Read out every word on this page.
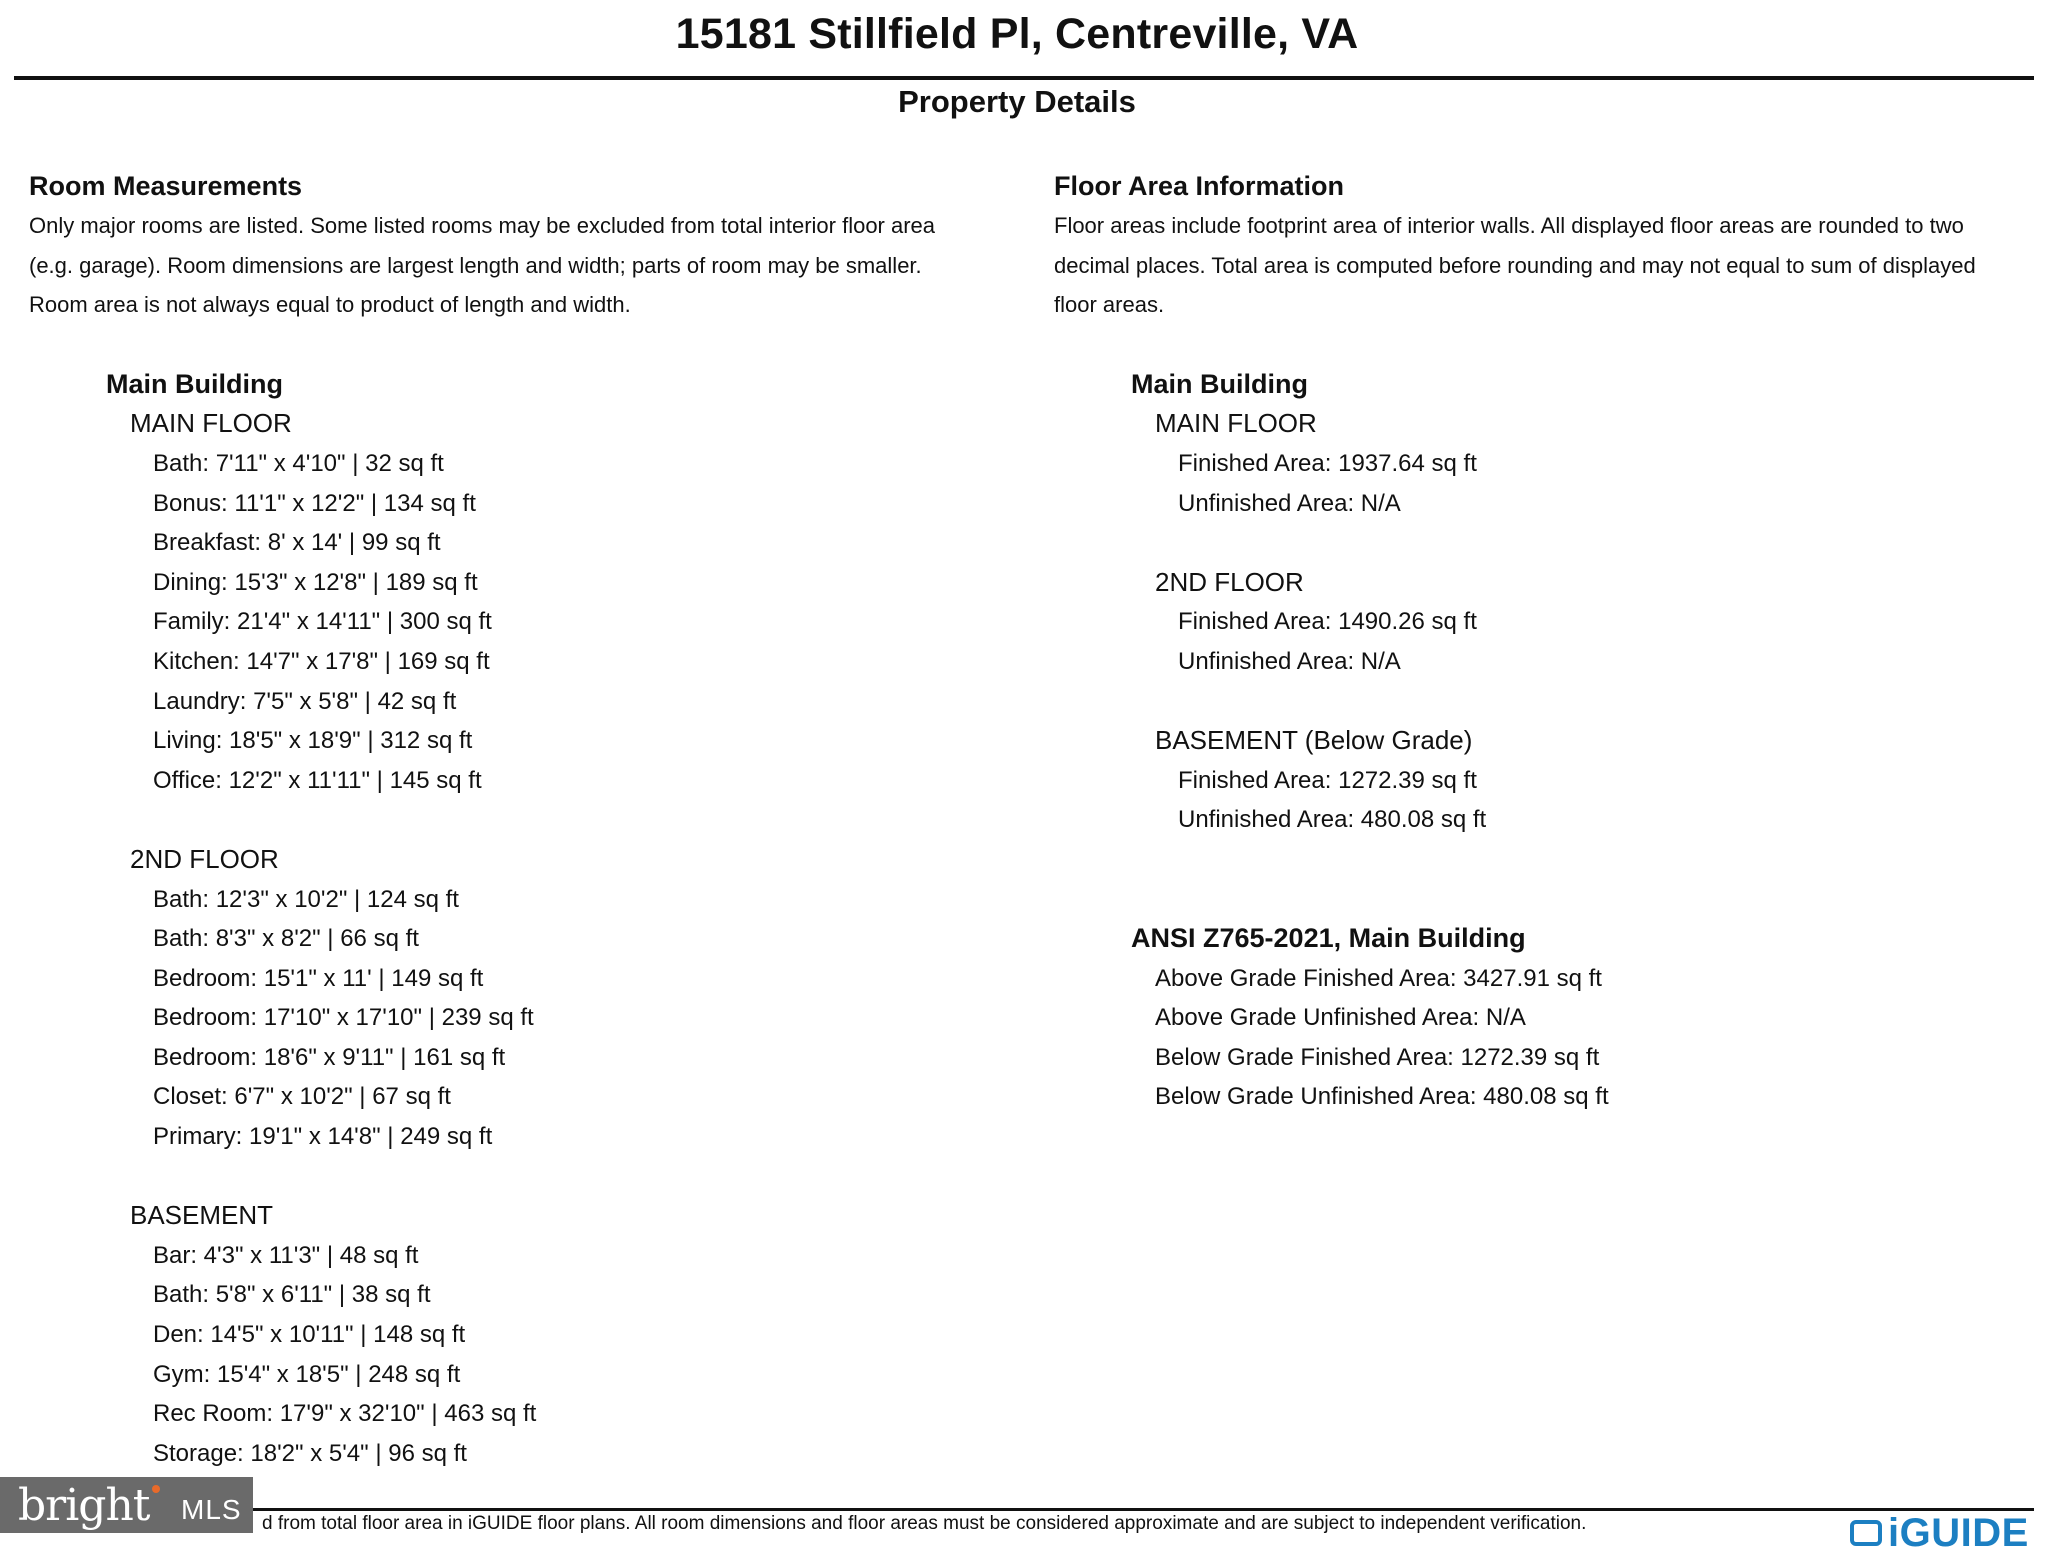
15181 Stillfield Pl, Centreville, VA
Property Details
Room Measurements
Only major rooms are listed. Some listed rooms may be excluded from total interior floor area
(e.g. garage). Room dimensions are largest length and width; parts of room may be smaller.
Room area is not always equal to product of length and width.
Main Building
MAIN FLOOR
Bath: 7'11" x 4'10" | 32 sq ft
Bonus: 11'1" x 12'2" | 134 sq ft
Breakfast: 8' x 14' | 99 sq ft
Dining: 15'3" x 12'8" | 189 sq ft
Family: 21'4" x 14'11" | 300 sq ft
Kitchen: 14'7" x 17'8" | 169 sq ft
Laundry: 7'5" x 5'8" | 42 sq ft
Living: 18'5" x 18'9" | 312 sq ft
Office: 12'2" x 11'11" | 145 sq ft
2ND FLOOR
Bath: 12'3" x 10'2" | 124 sq ft
Bath: 8'3" x 8'2" | 66 sq ft
Bedroom: 15'1" x 11' | 149 sq ft
Bedroom: 17'10" x 17'10" | 239 sq ft
Bedroom: 18'6" x 9'11" | 161 sq ft
Closet: 6'7" x 10'2" | 67 sq ft
Primary: 19'1" x 14'8" | 249 sq ft
BASEMENT
Bar: 4'3" x 11'3" | 48 sq ft
Bath: 5'8" x 6'11" | 38 sq ft
Den: 14'5" x 10'11" | 148 sq ft
Gym: 15'4" x 18'5" | 248 sq ft
Rec Room: 17'9" x 32'10" | 463 sq ft
Storage: 18'2" x 5'4" | 96 sq ft
Floor Area Information
Floor areas include footprint area of interior walls. All displayed floor areas are rounded to two
decimal places. Total area is computed before rounding and may not equal to sum of displayed
floor areas.
Main Building
MAIN FLOOR
Finished Area: 1937.64 sq ft
Unfinished Area: N/A
2ND FLOOR
Finished Area: 1490.26 sq ft
Unfinished Area: N/A
BASEMENT (Below Grade)
Finished Area: 1272.39 sq ft
Unfinished Area: 480.08 sq ft
ANSI Z765-2021, Main Building
Above Grade Finished Area: 3427.91 sq ft
Above Grade Unfinished Area: N/A
Below Grade Finished Area: 1272.39 sq ft
Below Grade Unfinished Area: 480.08 sq ft
d from total floor area in iGUIDE floor plans. All room dimensions and floor areas must be considered approximate and are subject to independent verification.
bright MLS
iGUIDE
